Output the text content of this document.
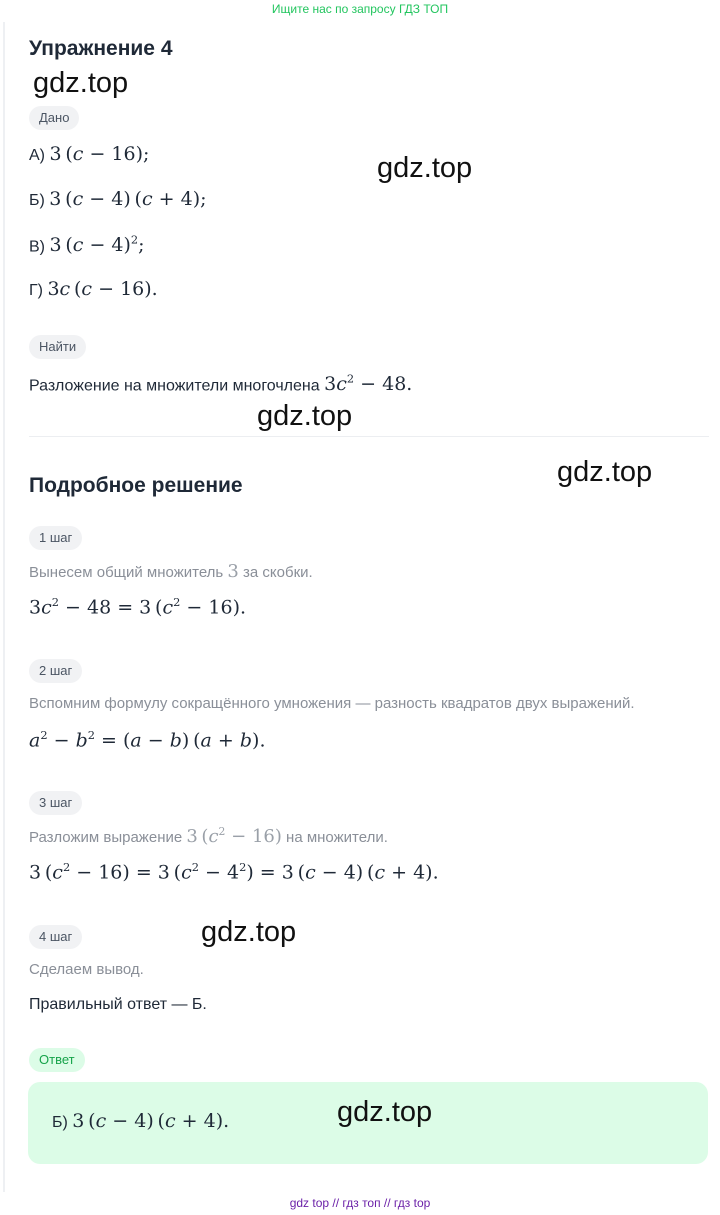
Ищите нас по запросу ГДЗ ТОП
Упражнение 4
Дано
А) 3 (c − 16);
Б) 3 (c − 4) (c + 4);
В) 3 $(c - 4)^2$;
Г) 3c (c − 16).
Найти
Разложение на множители многочлена $3c^2 - 48$.
Подробное решение
1 шаг
Вынесем общий множитель 3 за скобки.
$3c^2 - 48 = 3$ $(c^2 - 16)$.
2 шаг
Вспомним формулу сокращённого умножения — разность квадратов двух выражений.
$a^2 - b^2 = (a - b) (a + b)$.
3 шаг
Разложим выражение 3 $(c^2 - 16)$ на множители.
3 $(c^2 - 16) = 3$ $(c^2 - 4^2) = 3$ (c − 4) (c + 4).
4 шаг
Сделаем вывод.
Правильный ответ — Б.
Ответ
Б) 3 (c − 4) (c + 4).
gdz.top
gdz.top
gdz.top
gdz.top
gdz.top
gdz.top
gdz top // гдз топ // гдз top
